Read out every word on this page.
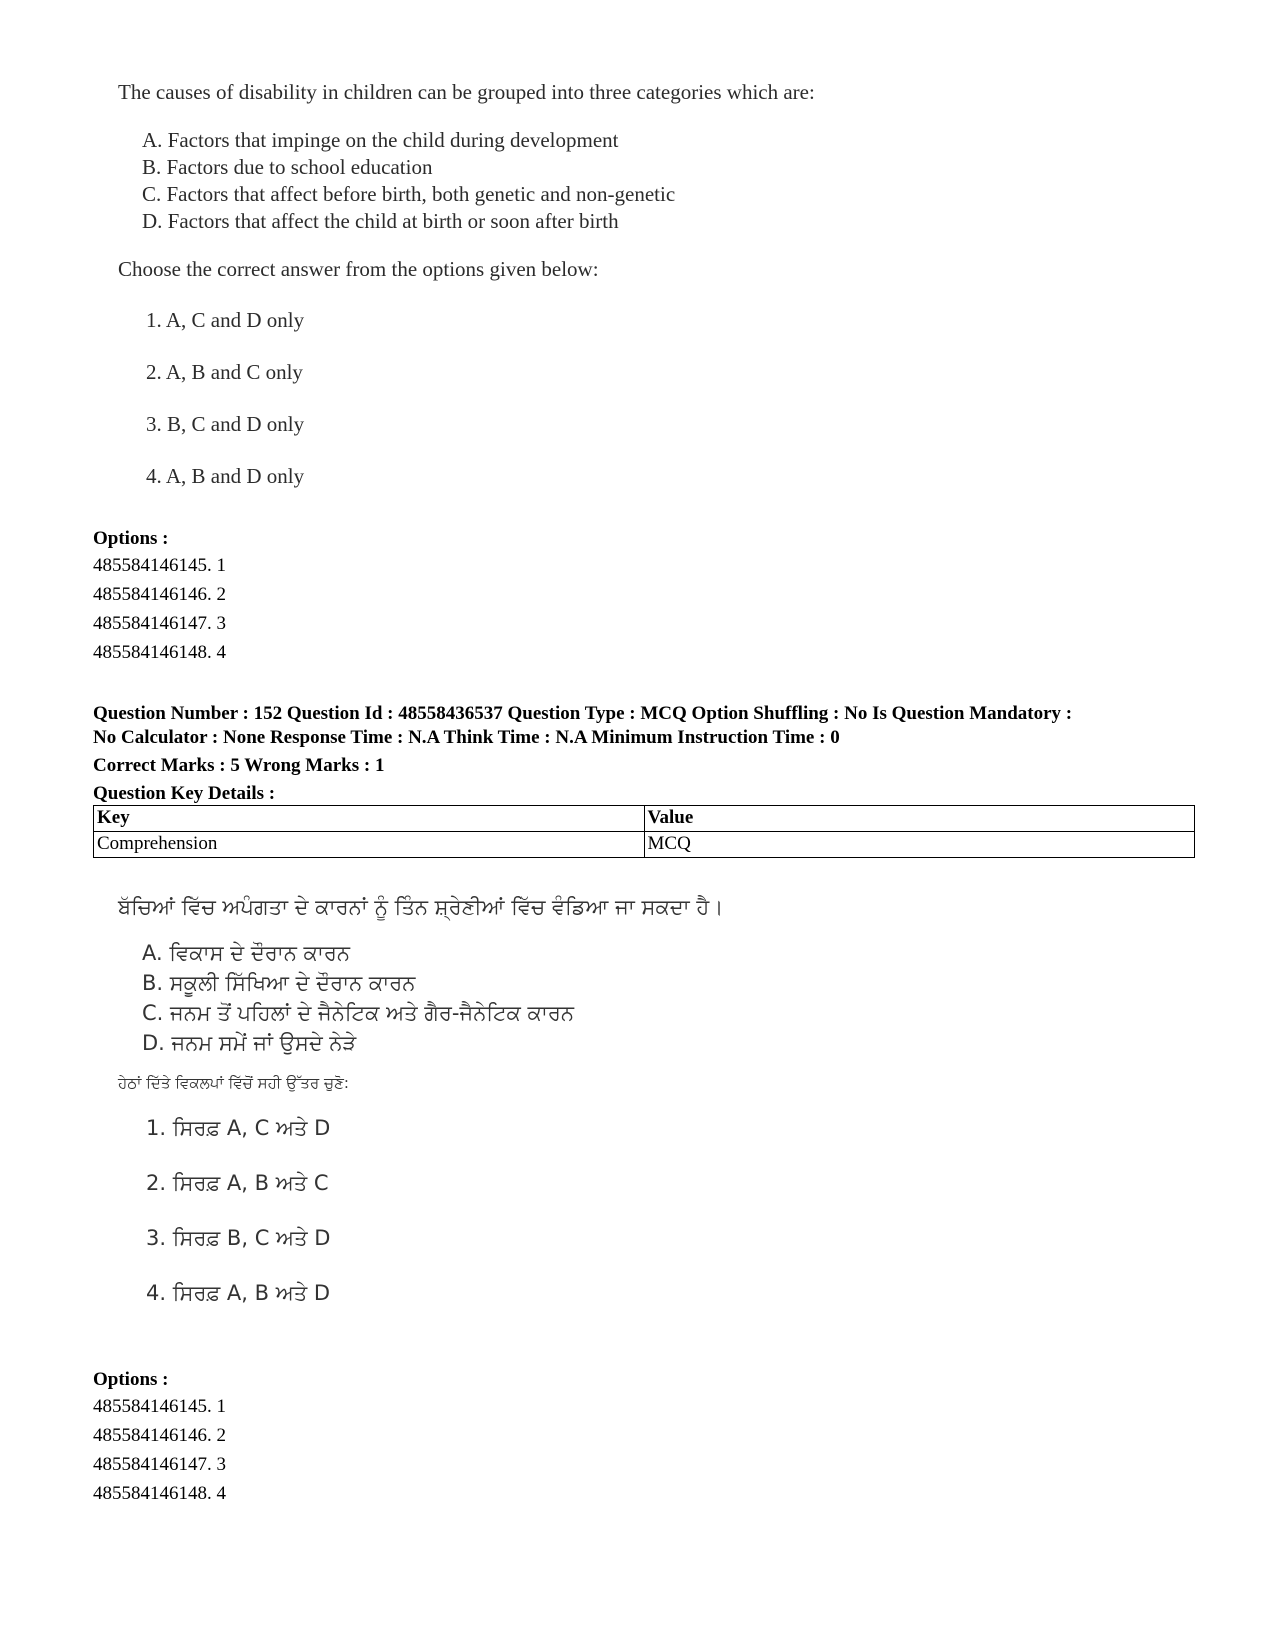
The causes of disability in children can be grouped into three categories which are:

A. Factors that impinge on the child during development

B. Factors due to school education

C. Factors that affect before birth, both genetic and non-genetic

D. Factors that affect the child at birth or soon after birth

Choose the correct answer from the options given below:

1. A, C and D only

2. A, B and C only

3. B, C and D only

4. A, B and D only

Options :
485584146145. 1
485584146146. 2
485584146147. 3
485584146148. 4
Question Number : 152 Question Id : 48558436537 Question Type : MCQ Option Shuffling : No Is Question Mandatory :
No Calculator : None Response Time : N.A Think Time : N.A Minimum Instruction Time : 0
Correct Marks : 5 Wrong Marks : 1
Question Key Details :
Key	Value
Comprehension	MCQ

ਬੱਚਿਆਂ ਵਿੱਚ ਅਪੰਗਤਾ ਦੇ ਕਾਰਨਾਂ ਨੂੰ ਤਿੰਨ ਸ਼੍ਰੇਣੀਆਂ ਵਿੱਚ ਵੰਡਿਆ ਜਾ ਸਕਦਾ ਹੈ।

A. ਵਿਕਾਸ ਦੇ ਦੌਰਾਨ ਕਾਰਨ

B. ਸਕੂਲੀ ਸਿੱਖਿਆ ਦੇ ਦੌਰਾਨ ਕਾਰਨ

C. ਜਨਮ ਤੋਂ ਪਹਿਲਾਂ ਦੇ ਜੈਨੇਟਿਕ ਅਤੇ ਗੈਰ-ਜੈਨੇਟਿਕ ਕਾਰਨ

D. ਜਨਮ ਸਮੇਂ ਜਾਂ ਉਸਦੇ ਨੇੜੇ

ਹੇਠਾਂ ਦਿੱਤੇ ਵਿਕਲਪਾਂ ਵਿੱਚੋਂ ਸਹੀ ਉੱਤਰ ਚੁਣੋ:

1. ਸਿਰਫ਼ A, C ਅਤੇ D

2. ਸਿਰਫ਼ A, B ਅਤੇ C

3. ਸਿਰਫ਼ B, C ਅਤੇ D

4. ਸਿਰਫ਼ A, B ਅਤੇ D

Options :
485584146145. 1
485584146146. 2
485584146147. 3
485584146148. 4
